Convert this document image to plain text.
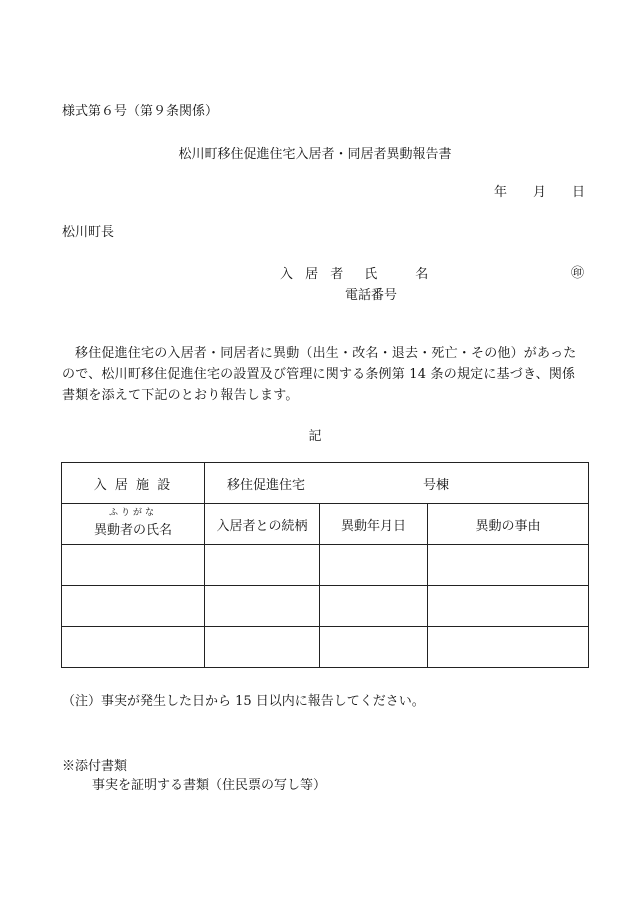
様式第６号（第９条関係）
松川町移住促進住宅入居者・同居者異動報告書
年 月 日
松川町長
入 居 者　氏　　名	㊞
電話番号
移住促進住宅の入居者・同居者に異動（出生・改名・退去・死亡・その他）があったので、松川町移住促進住宅の設置及び管理に関する条例第 14 条の規定に基づき、関係書類を添えて下記のとおり報告します。
記
入 居 施 設	移住促進住宅 号棟		

ふりがな
異動者の氏名	入居者との続柄	異動年月日	異動の事由

（注）事実が発生した日から 15 日以内に報告してください。
※添付書類
事実を証明する書類（住民票の写し等）
